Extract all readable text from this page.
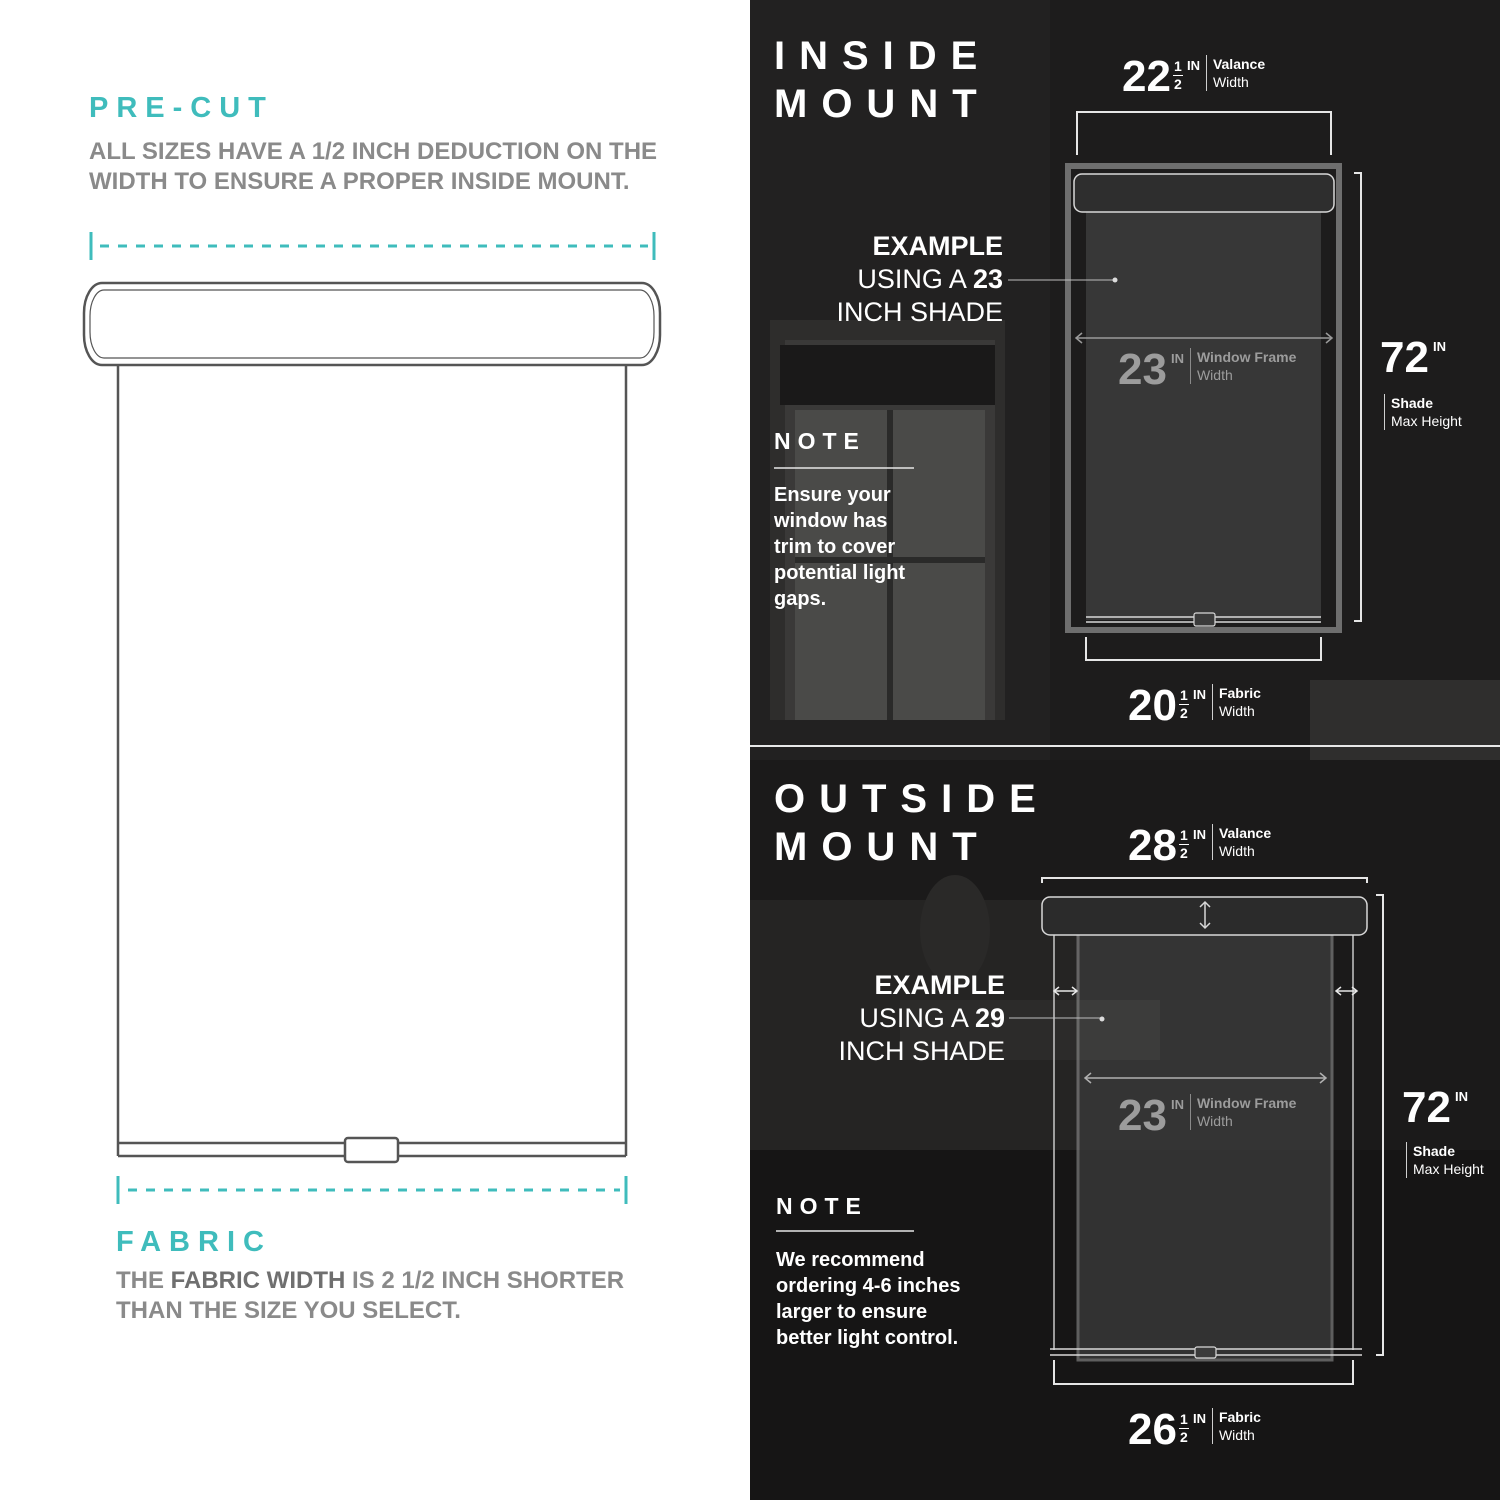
PRE-CUT
ALL SIZES HAVE A 1/2 INCH DEDUCTION ON THE WIDTH TO ENSURE A PROPER INSIDE MOUNT.
FABRIC
THE FABRIC WIDTH IS 2 1/2 INCH SHORTER THAN THE SIZE YOU SELECT.
INSIDE
MOUNT
$22 \frac{1}{2}$ IN Valance
Width
EXAMPLE
USING A 23
INCH SHADE
23 IN Window Frame
Width	72 IN
Shade
Max Height
NOTE
Ensure your window has trim to cover potential light gaps.
$20 \frac{1}{2}$ IN Fabric
Width
OUTSIDE
MOUNT	$28 \frac{1}{2}$ IN Valance
Width
EXAMPLE
USING A 29
INCH SHADE
23 IN Window Frame
Width	72 IN
Shade
Max Height
NOTE
We recommend ordering 4-6 inches larger to ensure better light control.
$26 \frac{1}{2}$ IN Fabric
Width
